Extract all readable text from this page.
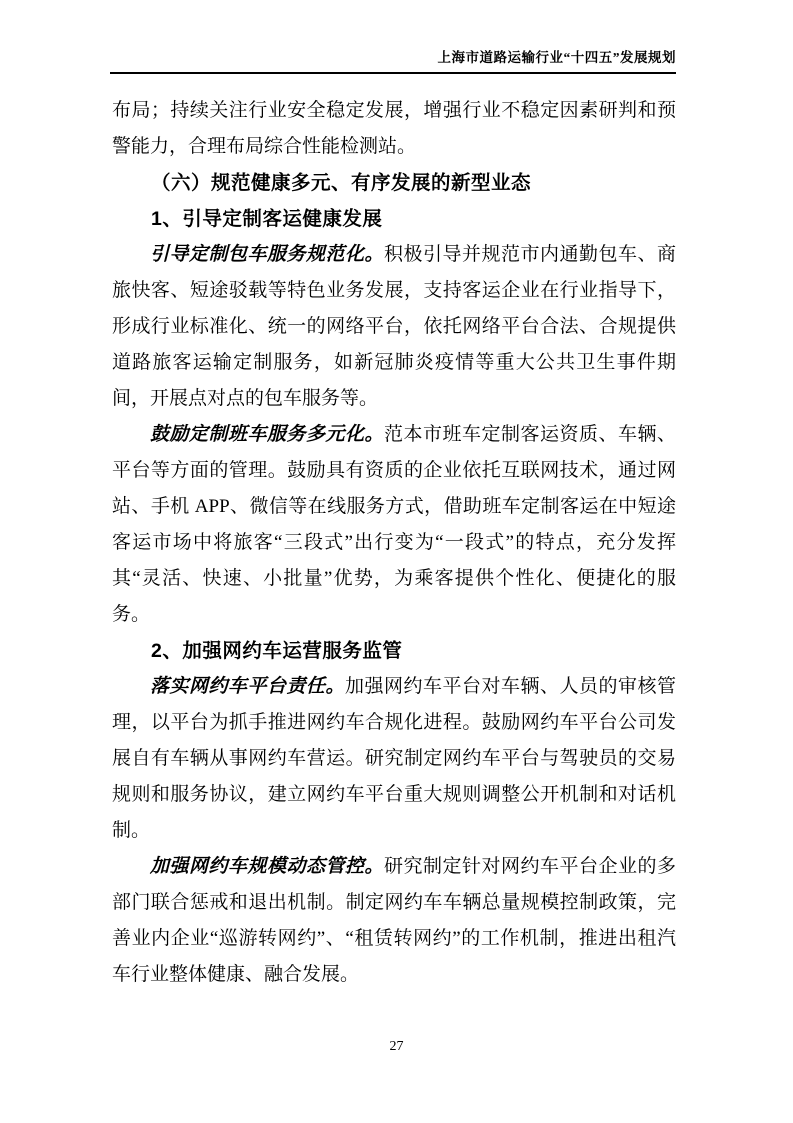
上海市道路运输行业“十四五”发展规划

布局；持续关注行业安全稳定发展，增强行业不稳定因素研判和预警能力，合理布局综合性能检测站。

（六）规范健康多元、有序发展的新型业态

1、引导定制客运健康发展

引导定制包车服务规范化。积极引导并规范市内通勤包车、商旅快客、短途驳载等特色业务发展，支持客运企业在行业指导下，形成行业标准化、统一的网络平台，依托网络平台合法、合规提供道路旅客运输定制服务，如新冠肺炎疫情等重大公共卫生事件期间，开展点对点的包车服务等。

鼓励定制班车服务多元化。范本市班车定制客运资质、车辆、平台等方面的管理。鼓励具有资质的企业依托互联网技术，通过网站、手机 APP、微信等在线服务方式，借助班车定制客运在中短途客运市场中将旅客“三段式”出行变为“一段式”的特点，充分发挥其“灵活、快速、小批量”优势，为乘客提供个性化、便捷化的服务。

2、加强网约车运营服务监管

落实网约车平台责任。加强网约车平台对车辆、人员的审核管理，以平台为抓手推进网约车合规化进程。鼓励网约车平台公司发展自有车辆从事网约车营运。研究制定网约车平台与驾驶员的交易规则和服务协议，建立网约车平台重大规则调整公开机制和对话机制。

加强网约车规模动态管控。研究制定针对网约车平台企业的多部门联合惩戒和退出机制。制定网约车车辆总量规模控制政策，完善业内企业“巡游转网约”、“租赁转网约”的工作机制，推进出租汽车行业整体健康、融合发展。

27
